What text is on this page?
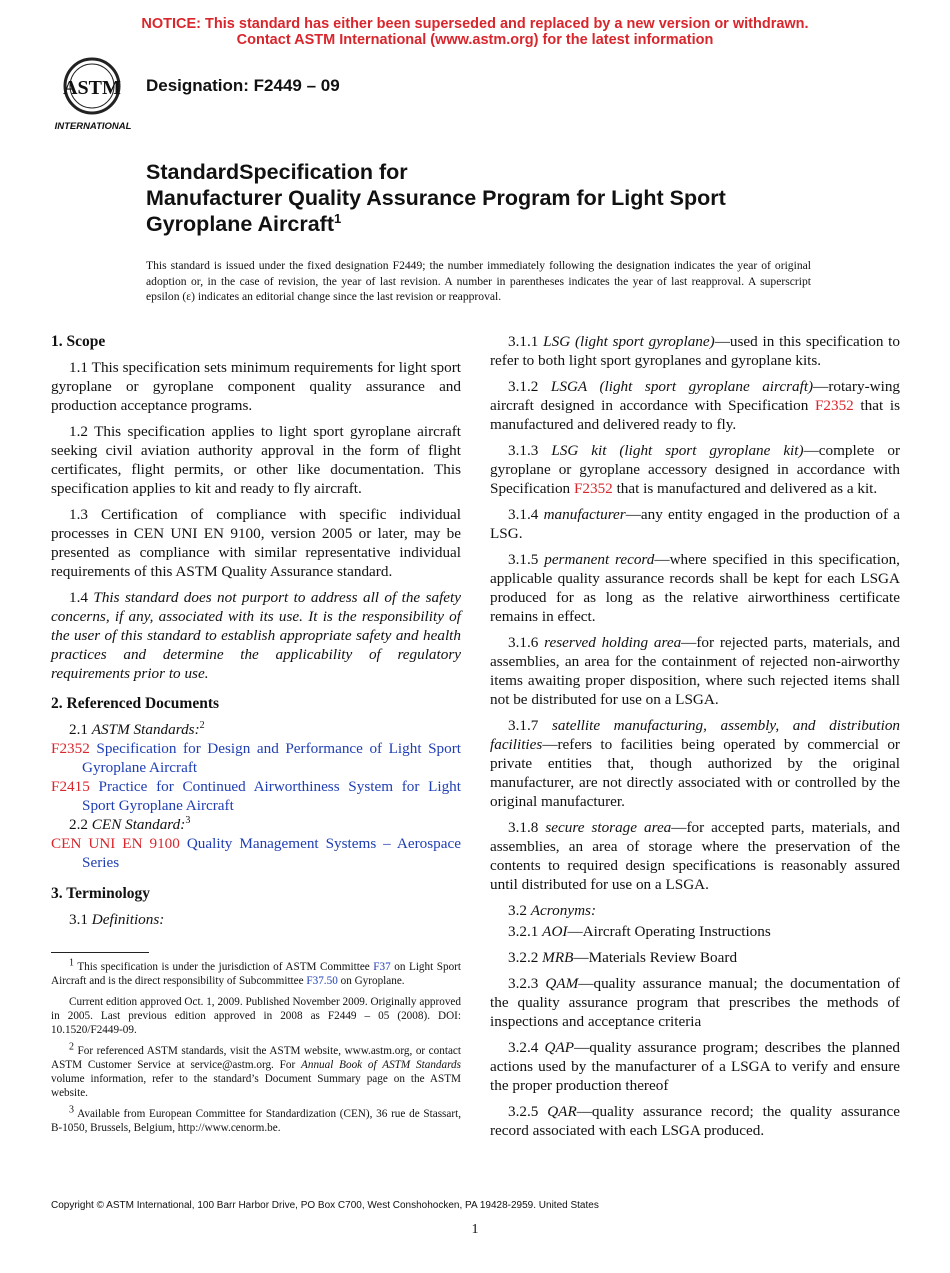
NOTICE: This standard has either been superseded and replaced by a new version or withdrawn.
Contact ASTM International (www.astm.org) for the latest information
ASTM
INTERNATIONAL
Designation: F2449 – 09
StandardSpecification for
Manufacturer Quality Assurance Program for Light Sport
Gyroplane Aircraft$^1$
This standard is issued under the fixed designation F2449; the number immediately following the designation indicates the year of original adoption or, in the case of revision, the year of last revision. A number in parentheses indicates the year of last reapproval. A superscript epsilon (ε) indicates an editorial change since the last revision or reapproval.
1. Scope

1.1 This specification sets minimum requirements for light sport gyroplane or gyroplane component quality assurance and production acceptance programs.

1.2 This specification applies to light sport gyroplane aircraft seeking civil aviation authority approval in the form of flight certificates, flight permits, or other like documentation. This specification applies to kit and ready to fly aircraft.

1.3 Certification of compliance with specific individual processes in CEN UNI EN 9100, version 2005 or later, may be presented as compliance with similar representative individual requirements of this ASTM Quality Assurance standard.

1.4 This standard does not purport to address all of the safety concerns, if any, associated with its use. It is the responsibility of the user of this standard to establish appropriate safety and health practices and determine the applicability of regulatory requirements prior to use.

2. Referenced Documents

2.1 ASTM Standards:$^2$

F2352 Specification for Design and Performance of Light Sport Gyroplane Aircraft
F2415 Practice for Continued Airworthiness System for Light Sport Gyroplane Aircraft

2.2 CEN Standard:$^3$

CEN UNI EN 9100 Quality Management Systems – Aerospace Series
3. Terminology

3.1 Definitions:

$^1$ This specification is under the jurisdiction of ASTM Committee F37 on Light Sport Aircraft and is the direct responsibility of Subcommittee F37.50 on Gyroplane.

Current edition approved Oct. 1, 2009. Published November 2009. Originally approved in 2005. Last previous edition approved in 2008 as F2449 – 05 (2008). DOI: 10.1520/F2449-09.

$^2$ For referenced ASTM standards, visit the ASTM website, www.astm.org, or contact ASTM Customer Service at service@astm.org. For Annual Book of ASTM Standards volume information, refer to the standard’s Document Summary page on the ASTM website.

$^3$ Available from European Committee for Standardization (CEN), 36 rue de Stassart, B-1050, Brussels, Belgium, http://www.cenorm.be.

3.1.1 LSG (light sport gyroplane)—used in this specification to refer to both light sport gyroplanes and gyroplane kits.

3.1.2 LSGA (light sport gyroplane aircraft)—rotary-wing aircraft designed in accordance with Specification F2352 that is manufactured and delivered ready to fly.

3.1.3 LSG kit (light sport gyroplane kit)—complete or gyroplane or gyroplane accessory designed in accordance with Specification F2352 that is manufactured and delivered as a kit.

3.1.4 manufacturer—any entity engaged in the production of a LSG.

3.1.5 permanent record—where specified in this specification, applicable quality assurance records shall be kept for each LSGA produced for as long as the relative airworthiness certificate remains in effect.

3.1.6 reserved holding area—for rejected parts, materials, and assemblies, an area for the containment of rejected non-airworthy items awaiting proper disposition, where such rejected items shall not be distributed for use on a LSGA.

3.1.7 satellite manufacturing, assembly, and distribution facilities—refers to facilities being operated by commercial or private entities that, though authorized by the original manufacturer, are not directly associated with or controlled by the original manufacturer.

3.1.8 secure storage area—for accepted parts, materials, and assemblies, an area of storage where the preservation of the contents to required design specifications is reasonably assured until distributed for use on a LSGA.

3.2 Acronyms:

3.2.1 AOI—Aircraft Operating Instructions

3.2.2 MRB—Materials Review Board

3.2.3 QAM—quality assurance manual; the documentation of the quality assurance program that prescribes the methods of inspections and acceptance criteria

3.2.4 QAP—quality assurance program; describes the planned actions used by the manufacturer of a LSGA to verify and ensure the proper production thereof

3.2.5 QAR—quality assurance record; the quality assurance record associated with each LSGA produced.

Copyright © ASTM International, 100 Barr Harbor Drive, PO Box C700, West Conshohocken, PA 19428-2959. United States
1
